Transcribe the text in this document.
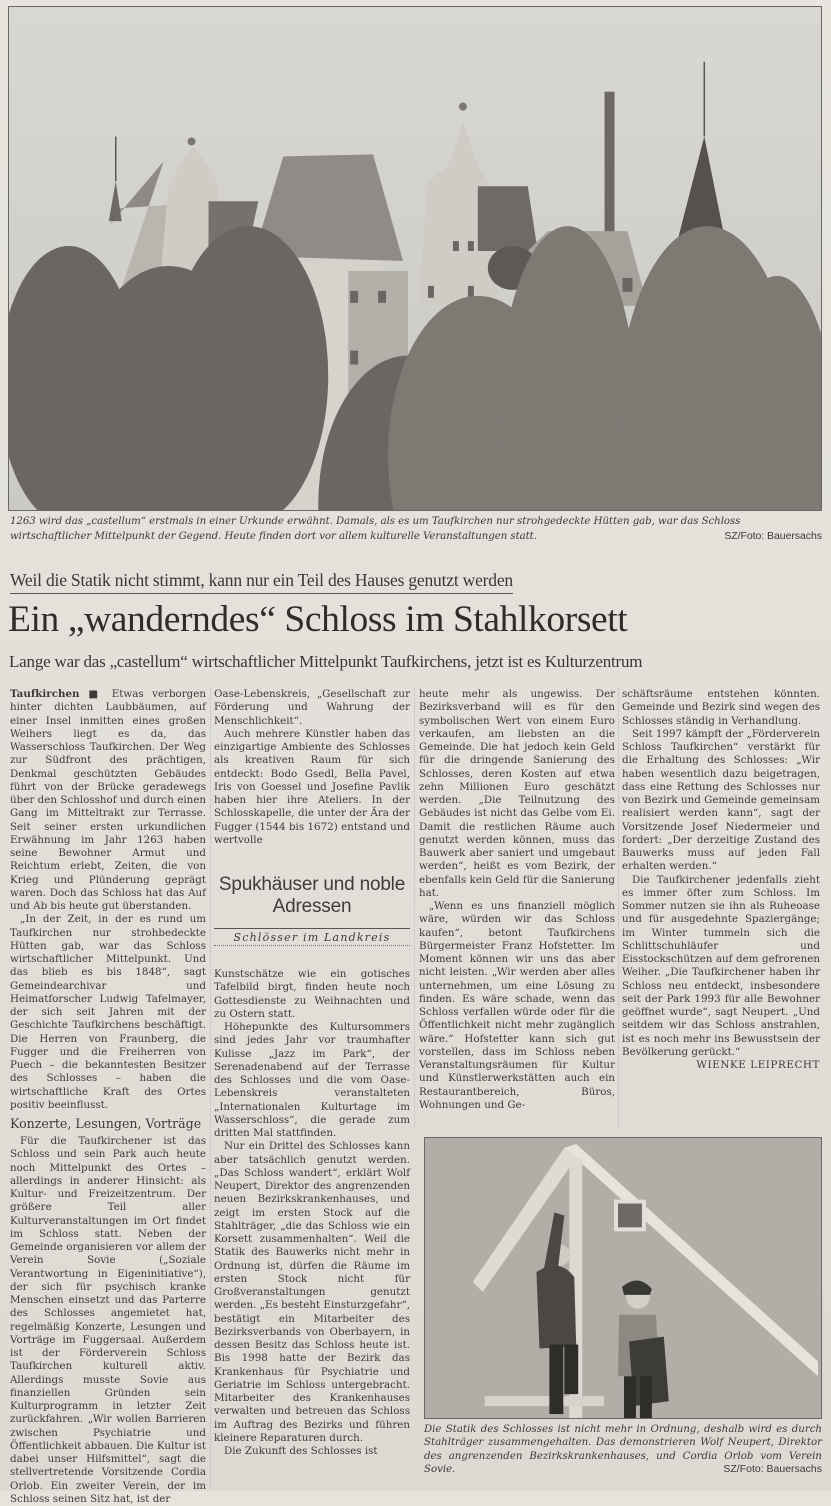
1263 wird das „castellum“ erstmals in einer Urkunde erwähnt. Damals, als es um Taufkirchen nur strohgedeckte Hütten gab, war das Schloss wirtschaftlicher Mittelpunkt der Gegend. Heute finden dort vor allem kulturelle Veranstaltungen statt.	SZ/Foto: Bauersachs
Weil die Statik nicht stimmt, kann nur ein Teil des Hauses genutzt werden
Ein „wanderndes“ Schloss im Stahlkorsett
Lange war das „castellum“ wirtschaftlicher Mittelpunkt Taufkirchens, jetzt ist es Kulturzentrum

Taufkirchen ■ Etwas verborgen hinter dichten Laubbäumen, auf einer Insel inmitten eines großen Weihers liegt es da, das Wasserschloss Taufkirchen. Der Weg zur Südfront des prächtigen, Denkmal geschützten Gebäudes führt von der Brücke geradewegs über den Schlosshof und durch einen Gang im Mitteltrakt zur Terrasse. Seit seiner ersten urkundlichen Erwähnung im Jahr 1263 haben seine Bewohner Armut und Reichtum erlebt, Zeiten, die von Krieg und Plünderung geprägt waren. Doch das Schloss hat das Auf und Ab bis heute gut überstanden.

„In der Zeit, in der es rund um Taufkirchen nur strohbedeckte Hütten gab, war das Schloss wirtschaftlicher Mittelpunkt. Und das blieb es bis 1848“, sagt Gemeindearchivar und Heimatforscher Ludwig Tafelmayer, der sich seit Jahren mit der Geschichte Taufkirchens beschäftigt. Die Herren von Fraunberg, die Fugger und die Freiherren von Puech – die bekanntesten Besitzer des Schlosses – haben die wirtschaftliche Kraft des Ortes positiv beeinflusst.

Konzerte, Lesungen, Vorträge

Für die Taufkirchener ist das Schloss und sein Park auch heute noch Mittelpunkt des Ortes – allerdings in anderer Hinsicht: als Kultur- und Freizeitzentrum. Der größere Teil aller Kulturveranstaltungen im Ort findet im Schloss statt. Neben der Gemeinde organisieren vor allem der Verein Sovie („Soziale Verantwortung in Eigeninitiative“), der sich für psychisch kranke Menschen einsetzt und das Parterre des Schlosses angemietet hat, regelmäßig Konzerte, Lesungen und Vorträge im Fuggersaal. Außerdem ist der Förderverein Schloss Taufkirchen kulturell aktiv. Allerdings musste Sovie aus finanziellen Gründen sein Kulturprogramm in letzter Zeit zurückfahren. „Wir wollen Barrieren zwischen Psychiatrie und Öffentlichkeit abbauen. Die Kultur ist dabei unser Hilfsmittel“, sagt die stellvertretende Vorsitzende Cordia Orlob. Ein zweiter Verein, der im Schloss seinen Sitz hat, ist der

Oase-Lebenskreis, „Gesellschaft zur Förderung und Wahrung der Menschlichkeit“.

Auch mehrere Künstler haben das einzigartige Ambiente des Schlosses als kreativen Raum für sich entdeckt: Bodo Gsedl, Bella Pavel, Iris von Goessel und Josefine Pavlik haben hier ihre Ateliers. In der Schlosskapelle, die unter der Ära der Fugger (1544 bis 1672) entstand und wertvolle

Spukhäuser und noble Adressen
Schlösser im Landkreis

Kunstschätze wie ein gotisches Tafelbild birgt, finden heute noch Gottesdienste zu Weihnachten und zu Ostern statt.

Höhepunkte des Kultursommers sind jedes Jahr vor traumhafter Kulisse „Jazz im Park“, der Serenadenabend auf der Terrasse des Schlosses und die vom Oase-Lebenskreis veranstalteten „Internationalen Kulturtage im Wasserschloss“, die gerade zum dritten Mal stattfinden.

Nur ein Drittel des Schlosses kann aber tatsächlich genutzt werden. „Das Schloss wandert“, erklärt Wolf Neupert, Direktor des angrenzenden neuen Bezirkskrankenhauses, und zeigt im ersten Stock auf die Stahlträger, „die das Schloss wie ein Korsett zusammenhalten“. Weil die Statik des Bauwerks nicht mehr in Ordnung ist, dürfen die Räume im ersten Stock nicht für Großveranstaltungen genutzt werden. „Es besteht Einsturzgefahr“, bestätigt ein Mitarbeiter des Bezirksverbands von Oberbayern, in dessen Besitz das Schloss heute ist. Bis 1998 hatte der Bezirk das Krankenhaus für Psychiatrie und Geriatrie im Schloss untergebracht. Mitarbeiter des Krankenhauses verwalten und betreuen das Schloss im Auftrag des Bezirks und führen kleinere Reparaturen durch.

Die Zukunft des Schlosses ist

heute mehr als ungewiss. Der Bezirksverband will es für den symbolischen Wert von einem Euro verkaufen, am liebsten an die Gemeinde. Die hat jedoch kein Geld für die dringende Sanierung des Schlosses, deren Kosten auf etwa zehn Millionen Euro geschätzt werden. „Die Teilnutzung des Gebäudes ist nicht das Gelbe vom Ei. Damit die restlichen Räume auch genutzt werden können, muss das Bauwerk aber saniert und umgebaut werden“, heißt es vom Bezirk, der ebenfalls kein Geld für die Sanierung hat.

„Wenn es uns finanziell möglich wäre, würden wir das Schloss kaufen“, betont Taufkirchens Bürgermeister Franz Hofstetter. Im Moment können wir uns das aber nicht leisten. „Wir werden aber alles unternehmen, um eine Lösung zu finden. Es wäre schade, wenn das Schloss verfallen würde oder für die Öffentlichkeit nicht mehr zugänglich wäre.“ Hofstetter kann sich gut vorstellen, dass im Schloss neben Veranstaltungsräumen für Kultur und Künstlerwerkstätten auch ein Restaurantbereich, Büros, Wohnungen und Ge-

schäftsräume entstehen könnten. Gemeinde und Bezirk sind wegen des Schlosses ständig in Verhandlung.

Seit 1997 kämpft der „Förderverein Schloss Taufkirchen“ verstärkt für die Erhaltung des Schlosses: „Wir haben wesentlich dazu beigetragen, dass eine Rettung des Schlosses nur von Bezirk und Gemeinde gemeinsam realisiert werden kann“, sagt der Vorsitzende Josef Niedermeier und fordert: „Der derzeitige Zustand des Bauwerks muss auf jeden Fall erhalten werden.“

Die Taufkirchener jedenfalls zieht es immer öfter zum Schloss. Im Sommer nutzen sie ihn als Ruheoase und für ausgedehnte Spaziergänge; im Winter tummeln sich die Schlittschuhläufer und Eisstockschützen auf dem gefrorenen Weiher. „Die Taufkirchener haben ihr Schloss neu entdeckt, insbesondere seit der Park 1993 für alle Bewohner geöffnet wurde“, sagt Neupert. „Und seitdem wir das Schloss anstrahlen, ist es noch mehr ins Bewusstsein der Bevölkerung gerückt.“

WIENKE LEIPRECHT

Die Statik des Schlosses ist nicht mehr in Ordnung, deshalb wird es durch Stahlträger zusammengehalten. Das demonstrieren Wolf Neupert, Direktor des angrenzenden Bezirkskrankenhauses, und Cordia Orlob vom Verein Sovie.	SZ/Foto: Bauersachs
